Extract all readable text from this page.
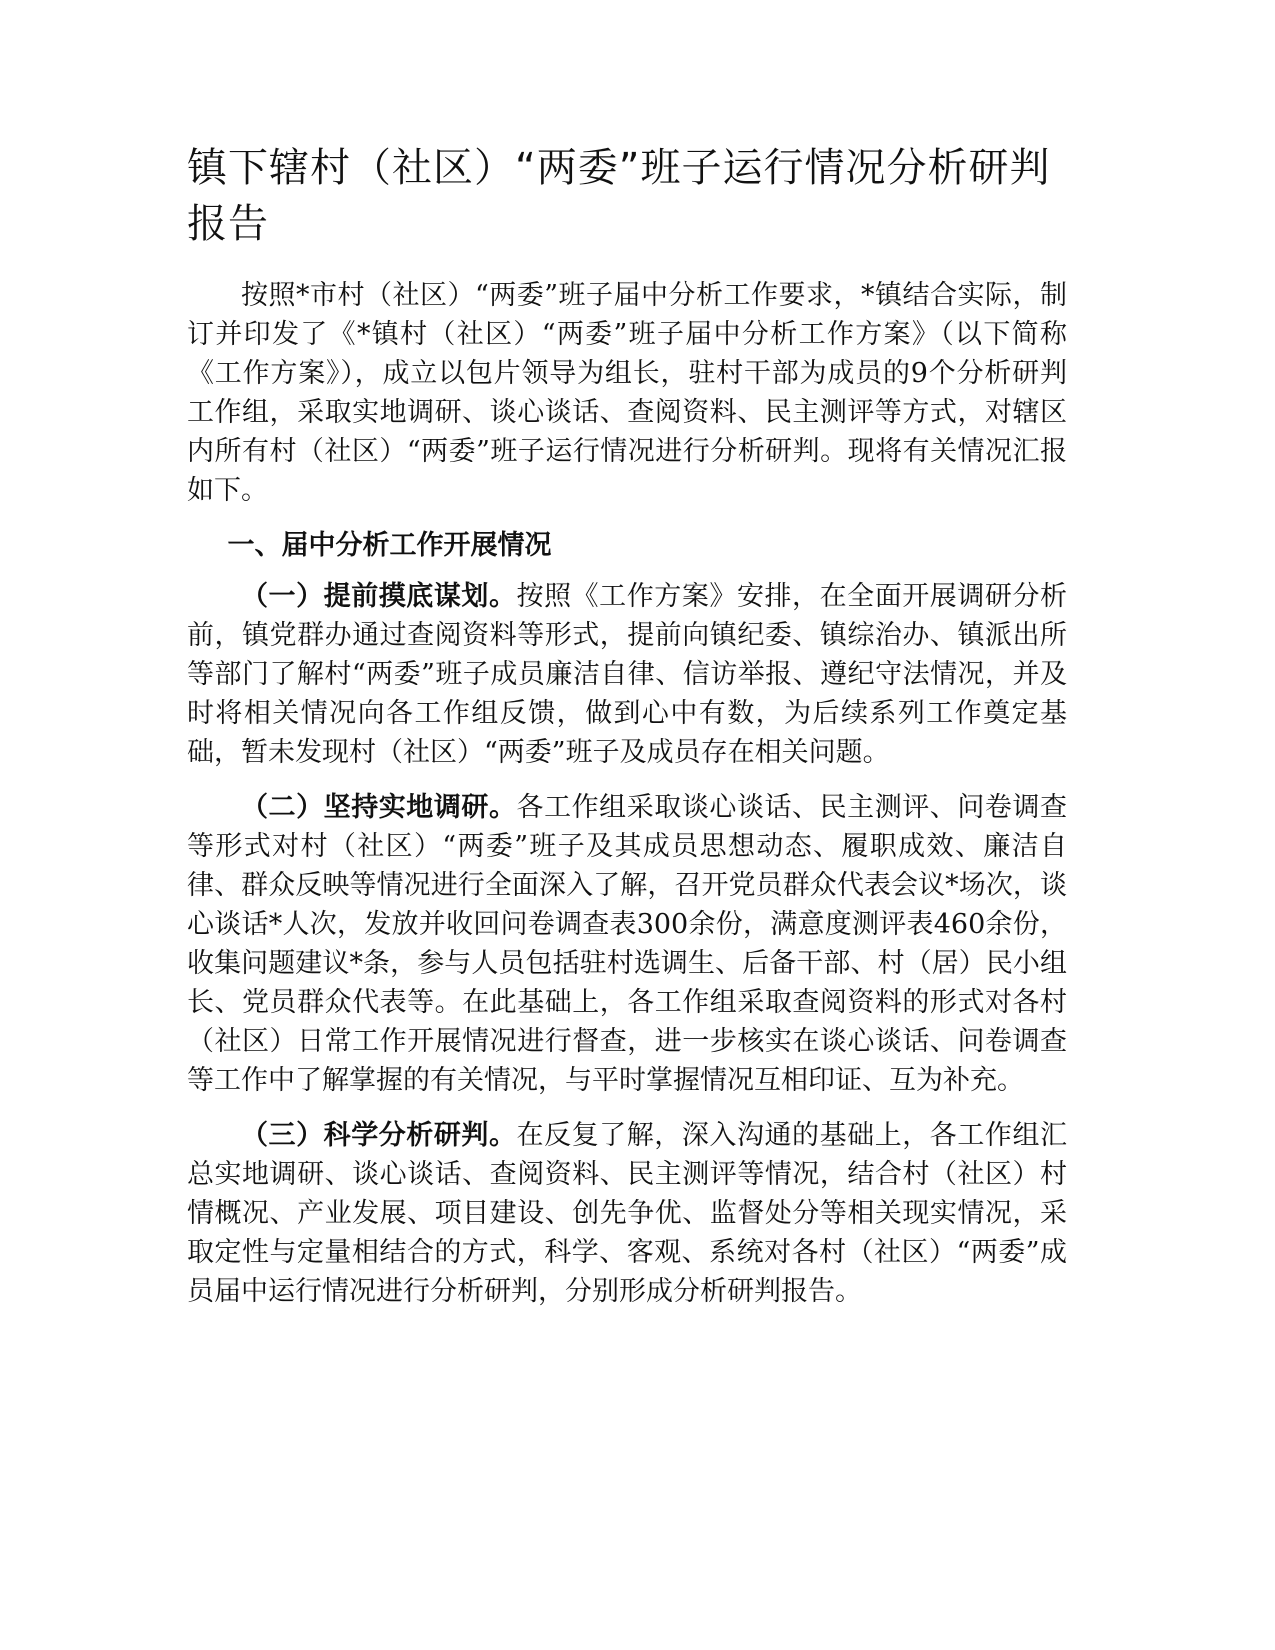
镇下辖村（社区）“两委”班子运行情况分析研判报告

按照*市村（社区）“两委”班子届中分析工作要求，*镇结合实际，制订并印发了《*镇村（社区）“两委”班子届中分析工作方案》（以下简称《工作方案》），成立以包片领导为组长，驻村干部为成员的9个分析研判工作组，采取实地调研、谈心谈话、查阅资料、民主测评等方式，对辖区内所有村（社区）“两委”班子运行情况进行分析研判。现将有关情况汇报如下。

一、届中分析工作开展情况

（一）提前摸底谋划。按照《工作方案》安排，在全面开展调研分析前，镇党群办通过查阅资料等形式，提前向镇纪委、镇综治办、镇派出所等部门了解村“两委”班子成员廉洁自律、信访举报、遵纪守法情况，并及时将相关情况向各工作组反馈，做到心中有数，为后续系列工作奠定基础，暂未发现村（社区）“两委”班子及成员存在相关问题。

（二）坚持实地调研。各工作组采取谈心谈话、民主测评、问卷调查等形式对村（社区）“两委”班子及其成员思想动态、履职成效、廉洁自律、群众反映等情况进行全面深入了解，召开党员群众代表会议*场次，谈心谈话*人次，发放并收回问卷调查表300余份，满意度测评表460余份，收集问题建议*条，参与人员包括驻村选调生、后备干部、村（居）民小组长、党员群众代表等。在此基础上，各工作组采取查阅资料的形式对各村（社区）日常工作开展情况进行督查，进一步核实在谈心谈话、问卷调查等工作中了解掌握的有关情况，与平时掌握情况互相印证、互为补充。

（三）科学分析研判。在反复了解，深入沟通的基础上，各工作组汇总实地调研、谈心谈话、查阅资料、民主测评等情况，结合村（社区）村情概况、产业发展、项目建设、创先争优、监督处分等相关现实情况，采取定性与定量相结合的方式，科学、客观、系统对各村（社区）“两委”成员届中运行情况进行分析研判，分别形成分析研判报告。
